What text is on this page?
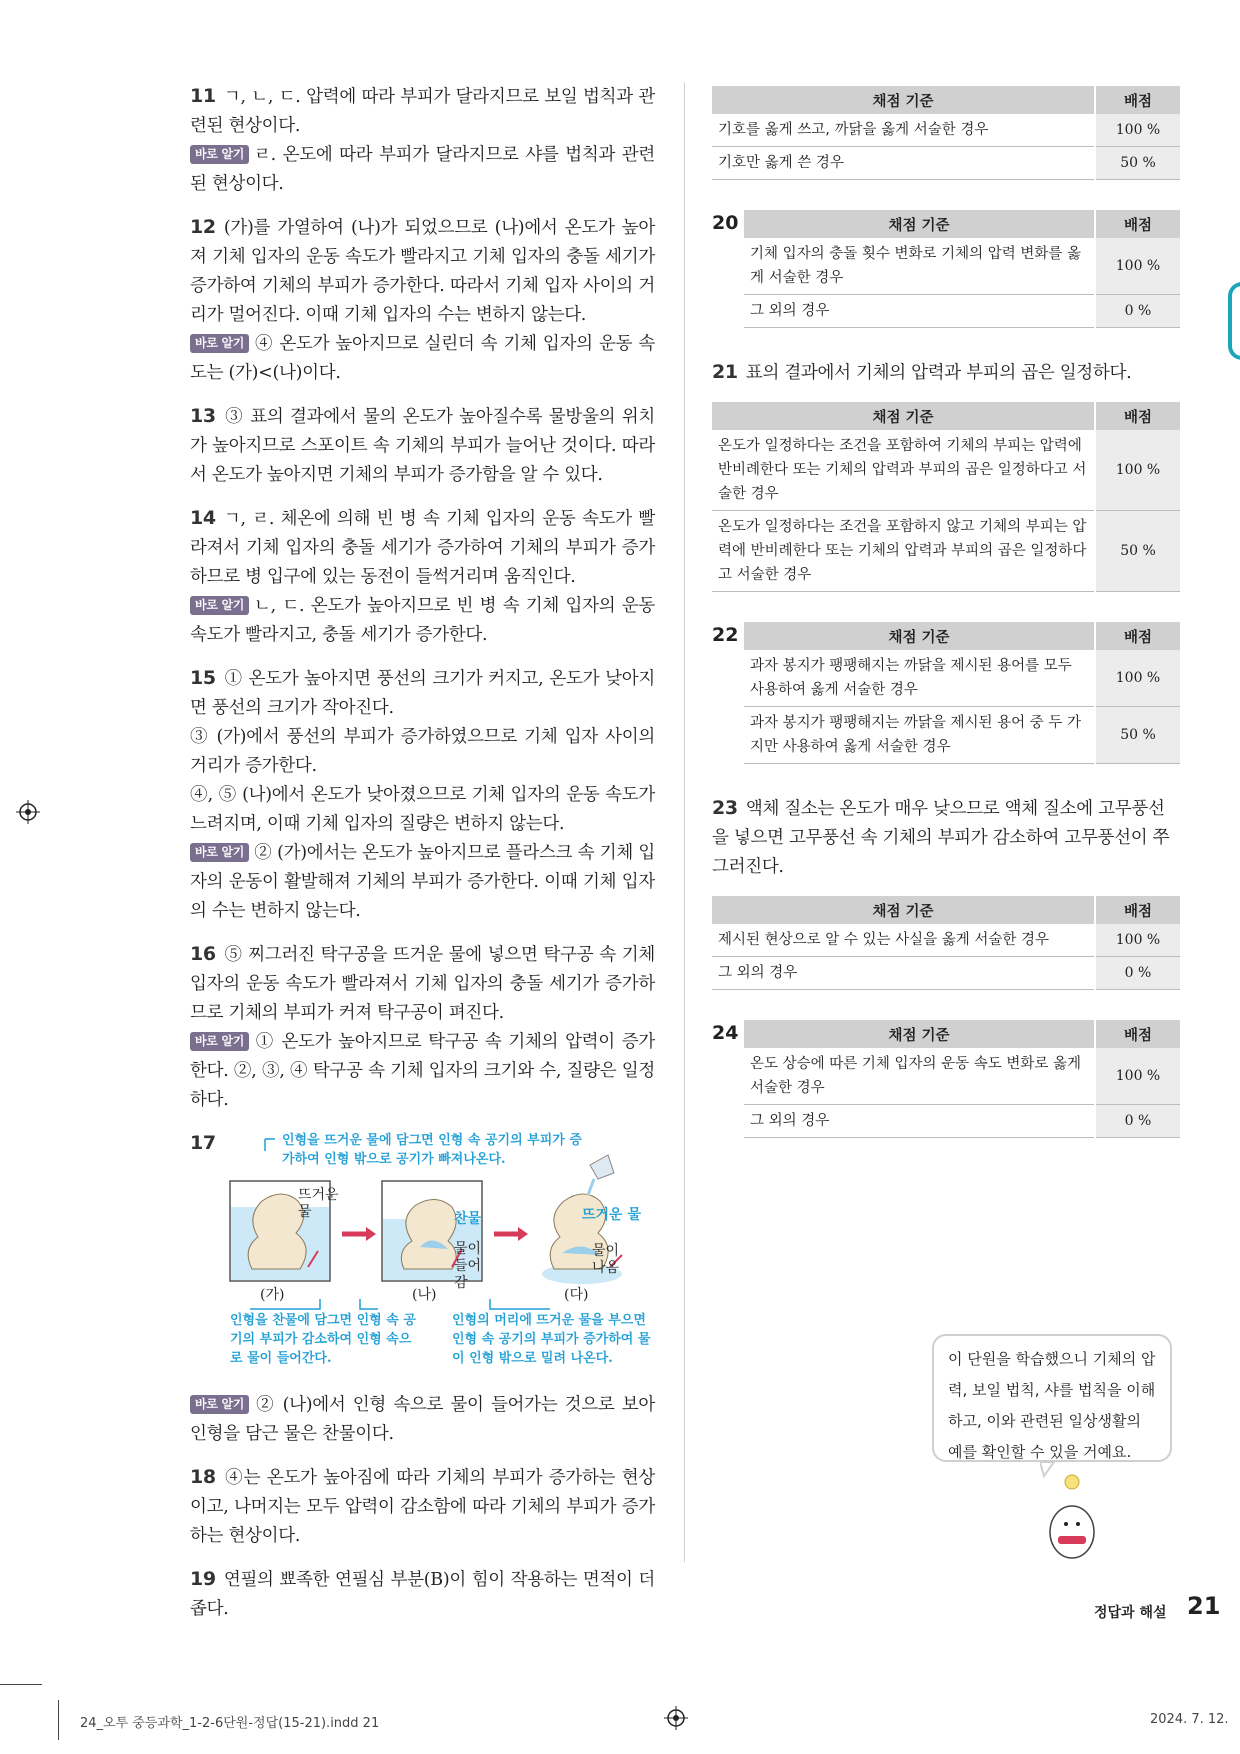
11 ㄱ, ㄴ, ㄷ. 압력에 따라 부피가 달라지므로 보일 법칙과 관련된 현상이다.

바로 알기 ㄹ. 온도에 따라 부피가 달라지므로 샤를 법칙과 관련된 현상이다.

12 (가)를 가열하여 (나)가 되었으므로 (나)에서 온도가 높아져 기체 입자의 운동 속도가 빨라지고 기체 입자의 충돌 세기가 증가하여 기체의 부피가 증가한다. 따라서 기체 입자 사이의 거리가 멀어진다. 이때 기체 입자의 수는 변하지 않는다.

바로 알기 ④ 온도가 높아지므로 실린더 속 기체 입자의 운동 속도는 (가)<(나)이다.

13 ③ 표의 결과에서 물의 온도가 높아질수록 물방울의 위치가 높아지므로 스포이트 속 기체의 부피가 늘어난 것이다. 따라서 온도가 높아지면 기체의 부피가 증가함을 알 수 있다.

14 ㄱ, ㄹ. 체온에 의해 빈 병 속 기체 입자의 운동 속도가 빨라져서 기체 입자의 충돌 세기가 증가하여 기체의 부피가 증가하므로 병 입구에 있는 동전이 들썩거리며 움직인다.

바로 알기 ㄴ, ㄷ. 온도가 높아지므로 빈 병 속 기체 입자의 운동 속도가 빨라지고, 충돌 세기가 증가한다.

15 ① 온도가 높아지면 풍선의 크기가 커지고, 온도가 낮아지면 풍선의 크기가 작아진다.

③ (가)에서 풍선의 부피가 증가하였으므로 기체 입자 사이의 거리가 증가한다.

④, ⑤ (나)에서 온도가 낮아졌으므로 기체 입자의 운동 속도가 느려지며, 이때 기체 입자의 질량은 변하지 않는다.

바로 알기 ② (가)에서는 온도가 높아지므로 플라스크 속 기체 입자의 운동이 활발해져 기체의 부피가 증가한다. 이때 기체 입자의 수는 변하지 않는다.

16 ⑤ 찌그러진 탁구공을 뜨거운 물에 넣으면 탁구공 속 기체 입자의 운동 속도가 빨라져서 기체 입자의 충돌 세기가 증가하므로 기체의 부피가 커져 탁구공이 펴진다.

바로 알기 ① 온도가 높아지므로 탁구공 속 기체의 압력이 증가한다. ②, ③, ④ 탁구공 속 기체 입자의 크기와 수, 질량은 일정하다.

17	인형을 뜨거운 물에 담그면 인형 속 공기의 부피가 증가하여 인형 밖으로 공기가 빠져나온다.
뜨거운 물	찬물
물이 들어감
뜨거운 물
물이 나옴
(가)	(나)	(다)
인형을 찬물에 담그면 인형 속 공기의 부피가 감소하여 인형 속으로 물이 들어간다.
인형의 머리에 뜨거운 물을 부으면 인형 속 공기의 부피가 증가하여 물이 인형 밖으로 밀려 나온다.

바로 알기 ② (나)에서 인형 속으로 물이 들어가는 것으로 보아 인형을 담근 물은 찬물이다.

18 ④는 온도가 높아짐에 따라 기체의 부피가 증가하는 현상이고, 나머지는 모두 압력이 감소함에 따라 기체의 부피가 증가하는 현상이다.

19 연필의 뾰족한 연필심 부분(B)이 힘이 작용하는 면적이 더 좁다.

채점 기준	배점
기호를 옳게 쓰고, 까닭을 옳게 서술한 경우	100 %
기호만 옳게 쓴 경우	50 %
20	채점 기준	배점
기체 입자의 충돌 횟수 변화로 기체의 압력 변화를 옳게 서술한 경우	100 %
그 외의 경우	0 %

21 표의 결과에서 기체의 압력과 부피의 곱은 일정하다.

채점 기준	배점
온도가 일정하다는 조건을 포함하여 기체의 부피는 압력에 반비례한다 또는 기체의 압력과 부피의 곱은 일정하다고 서술한 경우	100 %
온도가 일정하다는 조건을 포함하지 않고 기체의 부피는 압력에 반비례한다 또는 기체의 압력과 부피의 곱은 일정하다고 서술한 경우	50 %
22	채점 기준	배점
과자 봉지가 팽팽해지는 까닭을 제시된 용어를 모두 사용하여 옳게 서술한 경우	100 %
과자 봉지가 팽팽해지는 까닭을 제시된 용어 중 두 가지만 사용하여 옳게 서술한 경우	50 %

23 액체 질소는 온도가 매우 낮으므로 액체 질소에 고무풍선을 넣으면 고무풍선 속 기체의 부피가 감소하여 고무풍선이 쭈그러진다.

채점 기준	배점
제시된 현상으로 알 수 있는 사실을 옳게 서술한 경우	100 %
그 외의 경우	0 %
24	채점 기준	배점
온도 상승에 따른 기체 입자의 운동 속도 변화로 옳게 서술한 경우	100 %
그 외의 경우	0 %
이 단원을 학습했으니 기체의 압력, 보일 법칙, 샤를 법칙을 이해하고, 이와 관련된 일상생활의 예를 확인할 수 있을 거예요.
정답과 해설 21
24_오투 중등과학_1-2-6단원-정답(15-21).indd 21	2024. 7. 12.
